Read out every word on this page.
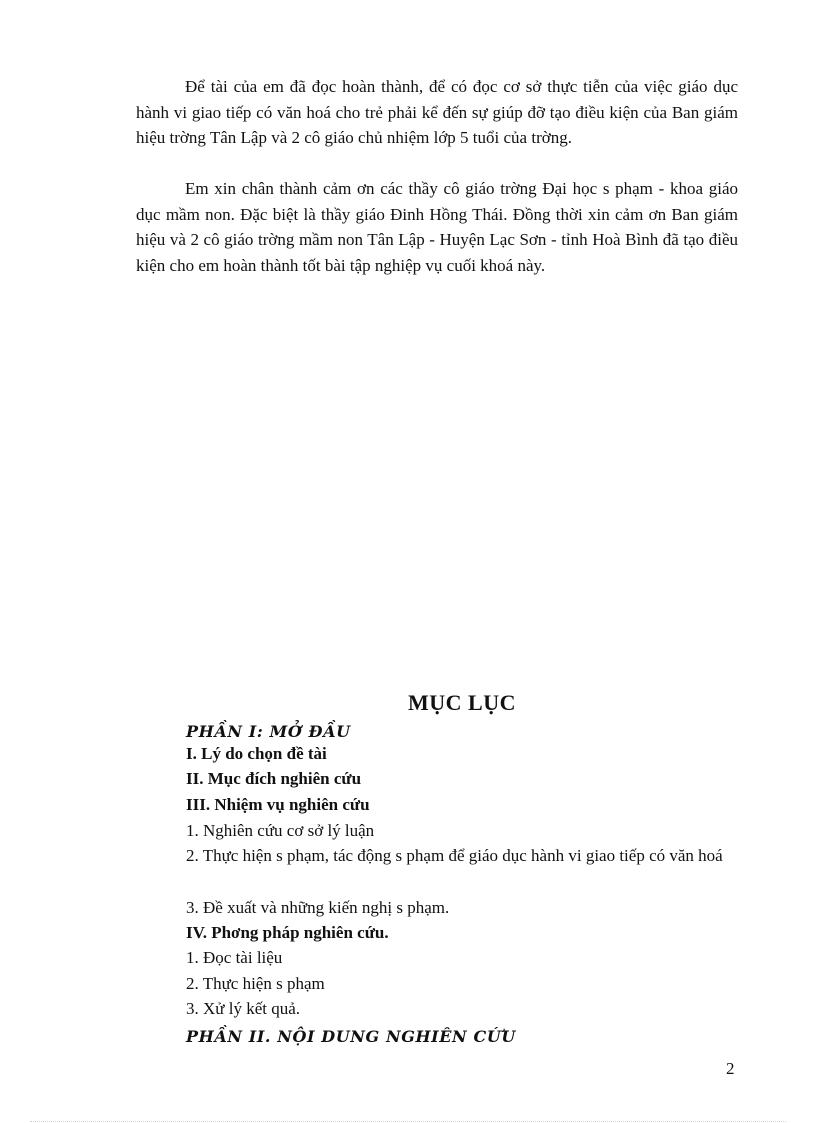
Để tài của em đã đọc hoàn thành, để có đọc cơ sở thực tiễn của việc giáo dục hành vi giao tiếp có văn hoá cho trẻ phải kể đến sự giúp đỡ tạo điều kiện của Ban giám hiệu trờng Tân Lập và 2 cô giáo chủ nhiệm lớp 5 tuổi của trờng.

Em xin chân thành cảm ơn các thầy cô giáo trờng Đại học s phạm - khoa giáo dục mầm non. Đặc biệt là thầy giáo Đinh Hồng Thái. Đồng thời xin cảm ơn Ban giám hiệu và 2 cô giáo trờng mầm non Tân Lập - Huyện Lạc Sơn - tỉnh Hoà Bình đã tạo điều kiện cho em hoàn thành tốt bài tập nghiệp vụ cuối khoá này.

MỤC LỤC

PHẦN I: MỞ ĐẦU

I. Lý do chọn đề tài

II. Mục đích nghiên cứu

III. Nhiệm vụ nghiên cứu

1. Nghiên cứu cơ sở lý luận

2. Thực hiện s phạm, tác động s phạm để giáo dục hành vi giao tiếp có văn hoá

3. Đề xuất và những kiến nghị s phạm.

IV. Phơng pháp nghiên cứu.

1. Đọc tài liệu

2. Thực hiện s phạm

3. Xử lý kết quả.

PHẦN II. NỘI DUNG NGHIÊN CỨU

2
